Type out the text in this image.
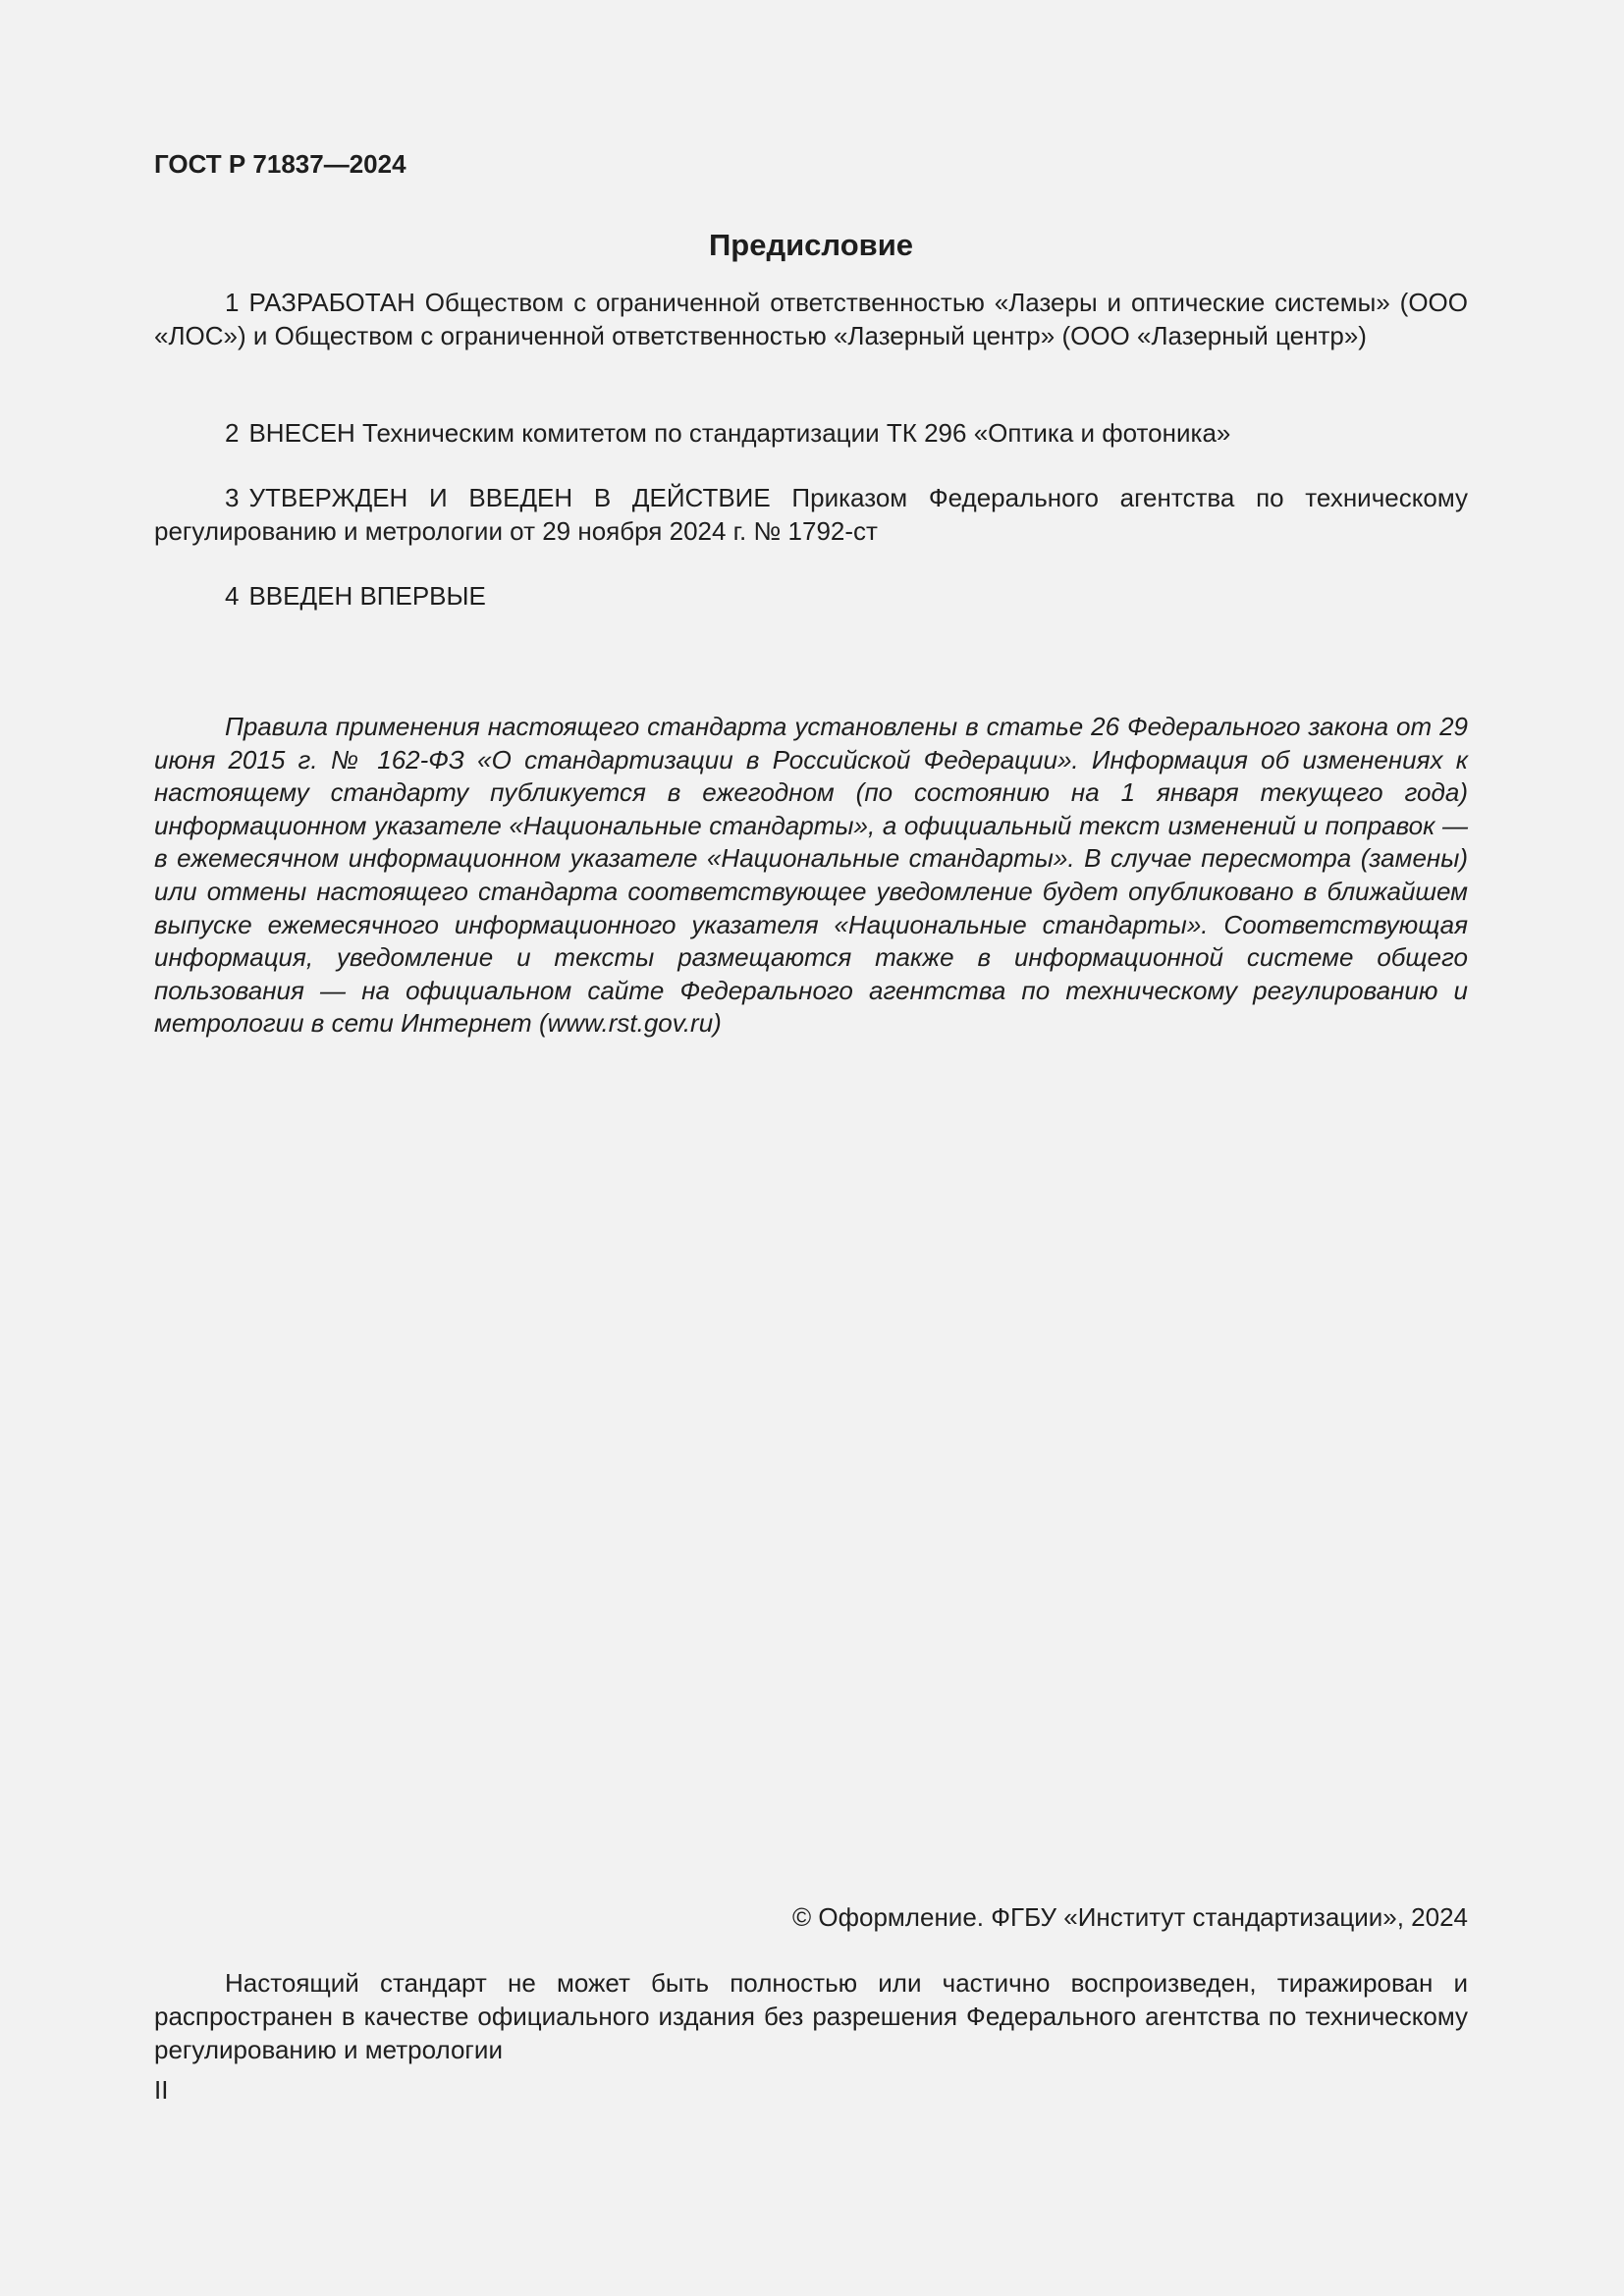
ГОСТ Р 71837—2024
Предисловие

1 РАЗРАБОТАН Обществом с ограниченной ответственностью «Лазеры и оптические системы» (ООО «ЛОС») и Обществом с ограниченной ответственностью «Лазерный центр» (ООО «Лазерный центр»)

2 ВНЕСЕН Техническим комитетом по стандартизации ТК 296 «Оптика и фотоника»

3 УТВЕРЖДЕН И ВВЕДЕН В ДЕЙСТВИЕ Приказом Федерального агентства по техническому регулированию и метрологии от 29 ноября 2024 г. № 1792-ст

4 ВВЕДЕН ВПЕРВЫЕ

Правила применения настоящего стандарта установлены в статье 26 Федерального закона от 29 июня 2015 г. № 162-ФЗ «О стандартизации в Российской Федерации». Информация об изменениях к настоящему стандарту публикуется в ежегодном (по состоянию на 1 января текущего года) информационном указателе «Национальные стандарты», а официальный текст изменений и поправок — в ежемесячном информационном указателе «Национальные стандарты». В случае пересмотра (замены) или отмены настоящего стандарта соответствующее уведомление будет опубликовано в ближайшем выпуске ежемесячного информационного указателя «Национальные стандарты». Соответствующая информация, уведомление и тексты размещаются также в информационной системе общего пользования — на официальном сайте Федерального агентства по техническому регулированию и метрологии в сети Интернет (www.rst.gov.ru)

© Оформление. ФГБУ «Институт стандартизации», 2024

Настоящий стандарт не может быть полностью или частично воспроизведен, тиражирован и распространен в качестве официального издания без разрешения Федерального агентства по техническому регулированию и метрологии

II
